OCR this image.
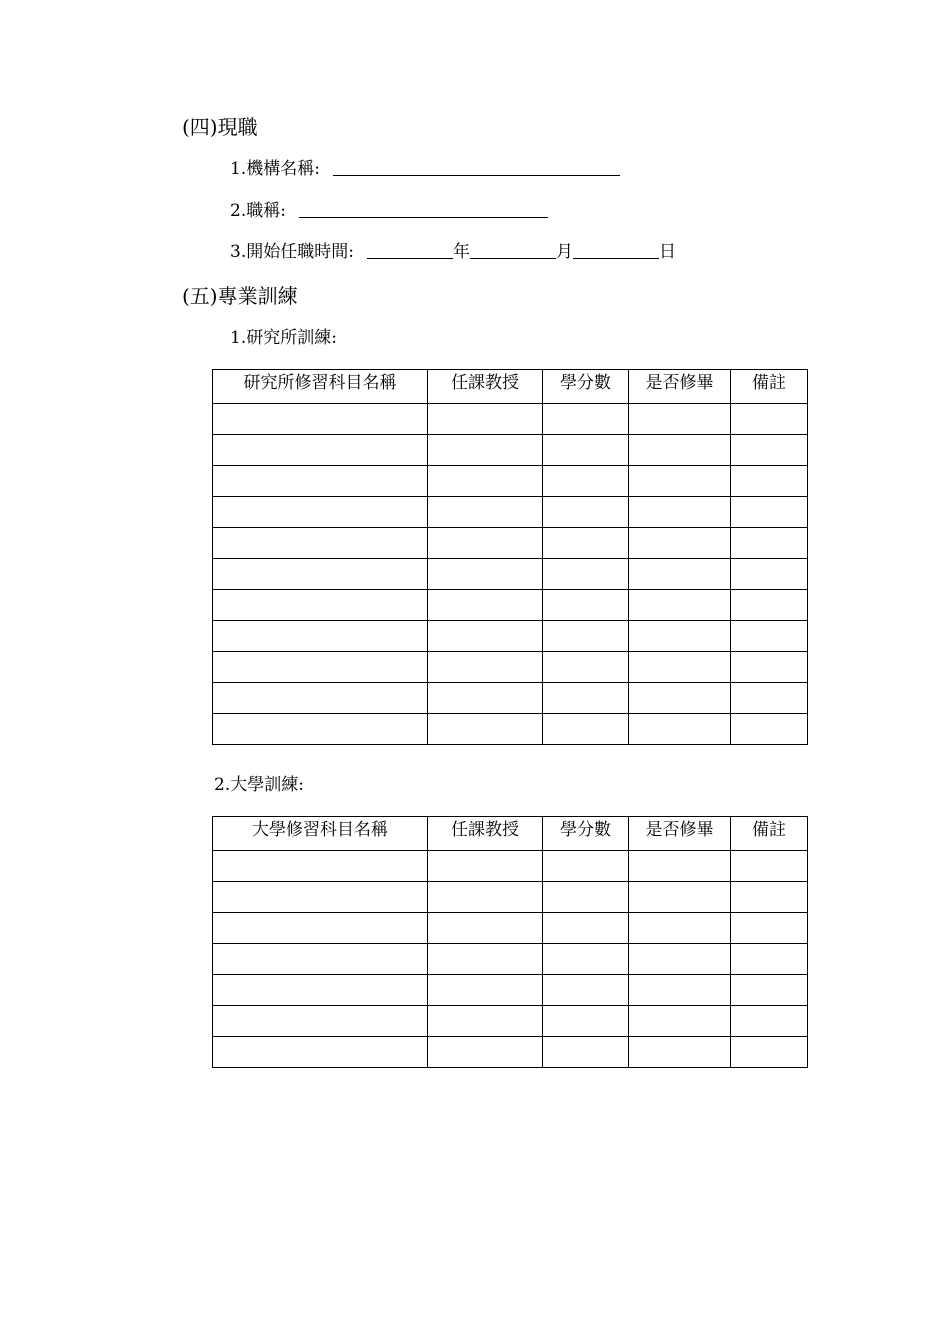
(四)現職
1.機構名稱:
2.職稱:
3.開始任職時間:	年	月	日
(五)專業訓練
1.研究所訓練:
研究所修習科目名稱	任課教授	學分數	是否修畢	備註

2.大學訓練:
大學修習科目名稱	任課教授	學分數	是否修畢	備註
